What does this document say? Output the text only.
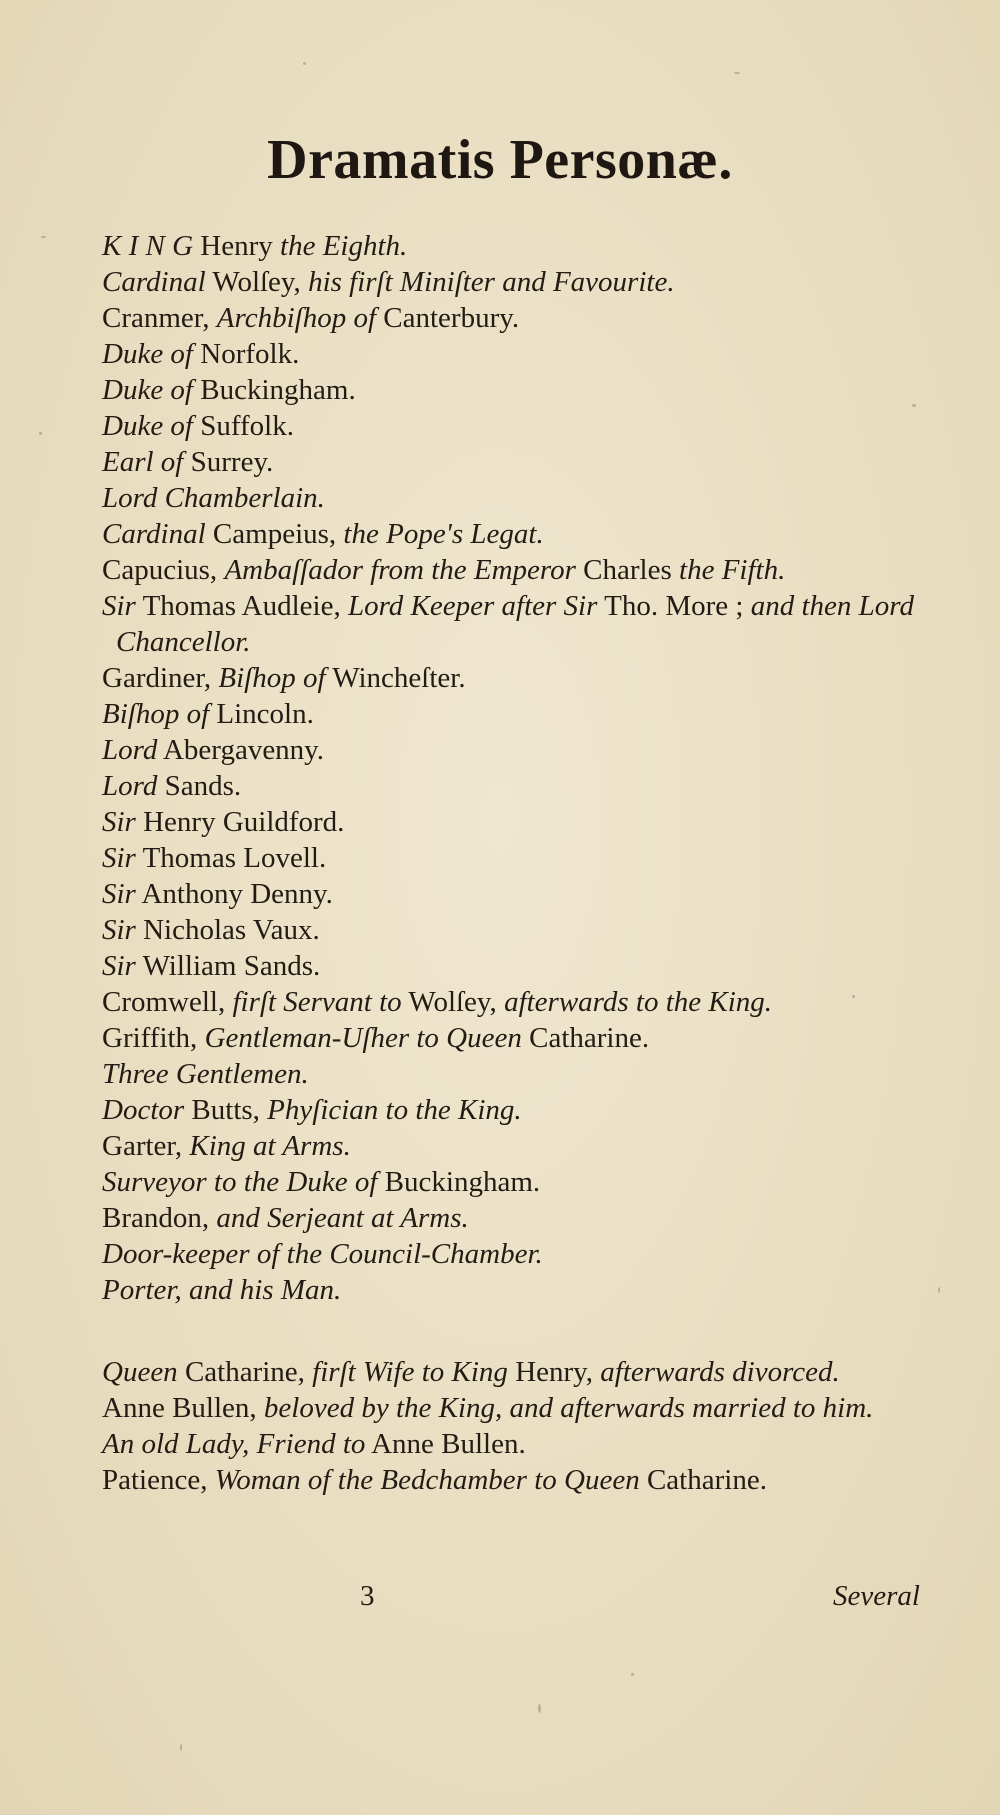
Dramatis Personæ.
K I N G Henry the Eighth.
Cardinal Wolſey, his firſt Miniſter and Favourite.
Cranmer, Archbiſhop of Canterbury.
Duke of Norfolk.
Duke of Buckingham.
Duke of Suffolk.
Earl of Surrey.
Lord Chamberlain.
Cardinal Campeius, the Pope's Legat.
Capucius, Ambaſſador from the Emperor Charles the Fifth.
Sir Thomas Audleie, Lord Keeper after Sir Tho. More ; and then Lord Chancellor.
Gardiner, Biſhop of Wincheſter.
Biſhop of Lincoln.
Lord Abergavenny.
Lord Sands.
Sir Henry Guildford.
Sir Thomas Lovell.
Sir Anthony Denny.
Sir Nicholas Vaux.
Sir William Sands.
Cromwell, firſt Servant to Wolſey, afterwards to the King.
Griffith, Gentleman-Uſher to Queen Catharine.
Three Gentlemen.
Doctor Butts, Phyſician to the King.
Garter, King at Arms.
Surveyor to the Duke of Buckingham.
Brandon, and Serjeant at Arms.
Door-keeper of the Council-Chamber.
Porter, and his Man.
Queen Catharine, firſt Wife to King Henry, afterwards divorced.
Anne Bullen, beloved by the King, and afterwards married to him.
An old Lady, Friend to Anne Bullen.
Patience, Woman of the Bedchamber to Queen Catharine.
3	Several
